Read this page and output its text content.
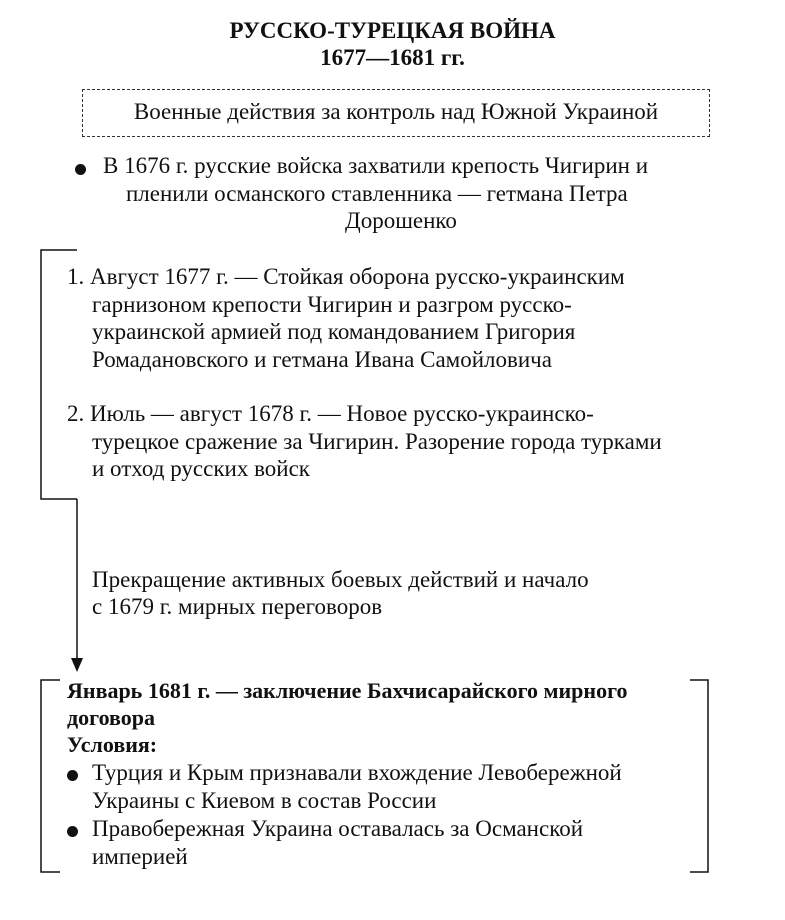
РУССКО-ТУРЕЦКАЯ ВОЙНА
1677—1681 гг.
Военные действия за контроль над Южной Украиной
В 1676 г. русские войска захватили крепость Чигирин и
пленили османского ставленника — гетмана Петра
Дорошенко
1. Август 1677 г. — Стойкая оборона русско-украинским
гарнизоном крепости Чигирин и разгром русско-
украинской армией под командованием Григория
Ромадановского и гетмана Ивана Самойловича
2. Июль — август 1678 г. — Новое русско-украинско-
турецкое сражение за Чигирин. Разорение города турками
и отход русских войск
Прекращение активных боевых действий и начало
с 1679 г. мирных переговоров
Январь 1681 г. — заключение Бахчисарайского мирного
договора
Условия:
Турция и Крым признавали вхождение Левобережной
Украины с Киевом в состав России
Правобережная Украина оставалась за Османской
империей
